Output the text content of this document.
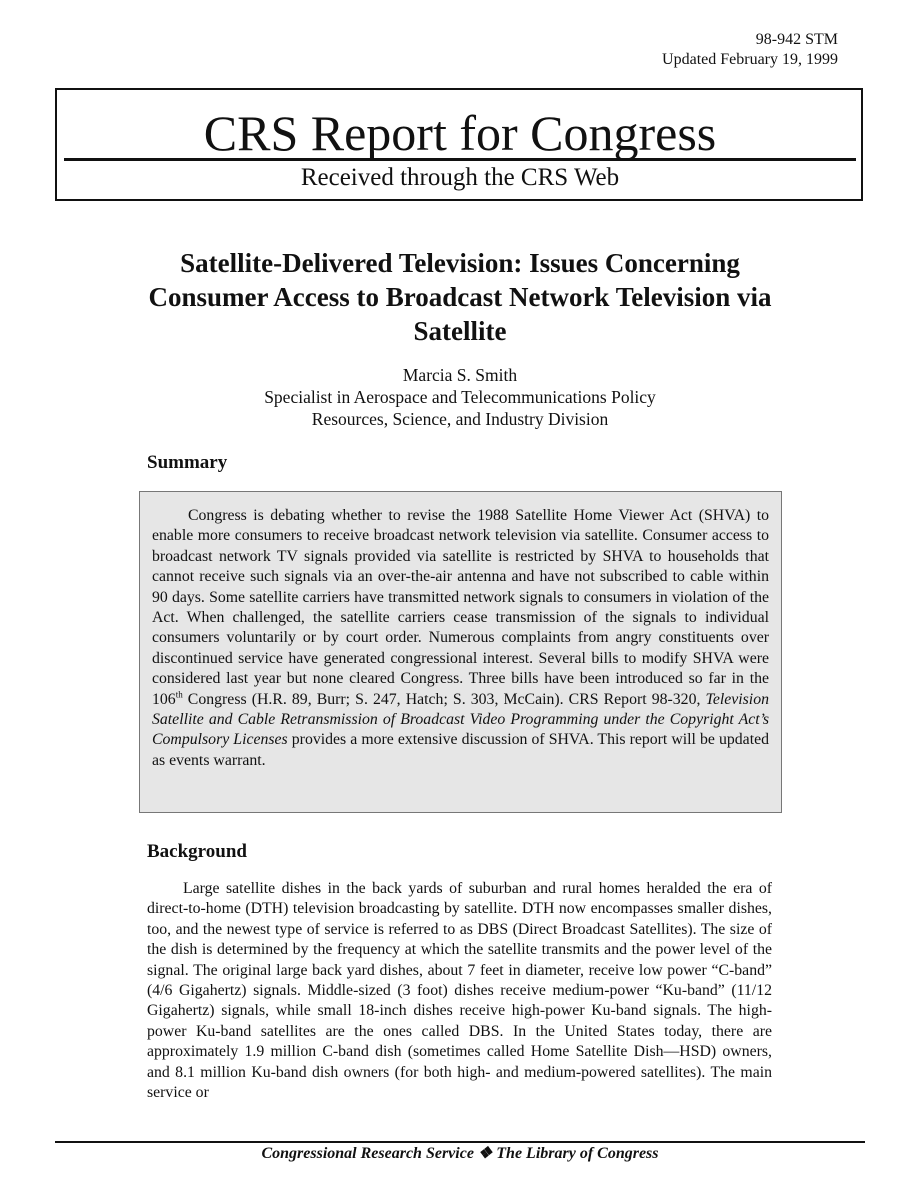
98-942 STM
Updated February 19, 1999
CRS Report for Congress
Received through the CRS Web
Satellite-Delivered Television: Issues Concerning Consumer Access to Broadcast Network Television via Satellite
Marcia S. Smith
Specialist in Aerospace and Telecommunications Policy
Resources, Science, and Industry Division
Summary

Congress is debating whether to revise the 1988 Satellite Home Viewer Act (SHVA) to enable more consumers to receive broadcast network television via satellite. Consumer access to broadcast network TV signals provided via satellite is restricted by SHVA to households that cannot receive such signals via an over-the-air antenna and have not subscribed to cable within 90 days. Some satellite carriers have transmitted network signals to consumers in violation of the Act. When challenged, the satellite carriers cease transmission of the signals to individual consumers voluntarily or by court order. Numerous complaints from angry constituents over discontinued service have generated congressional interest. Several bills to modify SHVA were considered last year but none cleared Congress. Three bills have been introduced so far in the 106th Congress (H.R. 89, Burr; S. 247, Hatch; S. 303, McCain). CRS Report 98-320, Television Satellite and Cable Retransmission of Broadcast Video Programming under the Copyright Act’s Compulsory Licenses provides a more extensive discussion of SHVA. This report will be updated as events warrant.

Background

Large satellite dishes in the back yards of suburban and rural homes heralded the era of direct-to-home (DTH) television broadcasting by satellite. DTH now encompasses smaller dishes, too, and the newest type of service is referred to as DBS (Direct Broadcast Satellites). The size of the dish is determined by the frequency at which the satellite transmits and the power level of the signal. The original large back yard dishes, about 7 feet in diameter, receive low power “C-band” (4/6 Gigahertz) signals. Middle-sized (3 foot) dishes receive medium-power “Ku-band” (11/12 Gigahertz) signals, while small 18-inch dishes receive high-power Ku-band signals. The high-power Ku-band satellites are the ones called DBS. In the United States today, there are approximately 1.9 million C-band dish (sometimes called Home Satellite Dish—HSD) owners, and 8.1 million Ku-band dish owners (for both high- and medium-powered satellites). The main service or

Congressional Research Service ❖ The Library of Congress
